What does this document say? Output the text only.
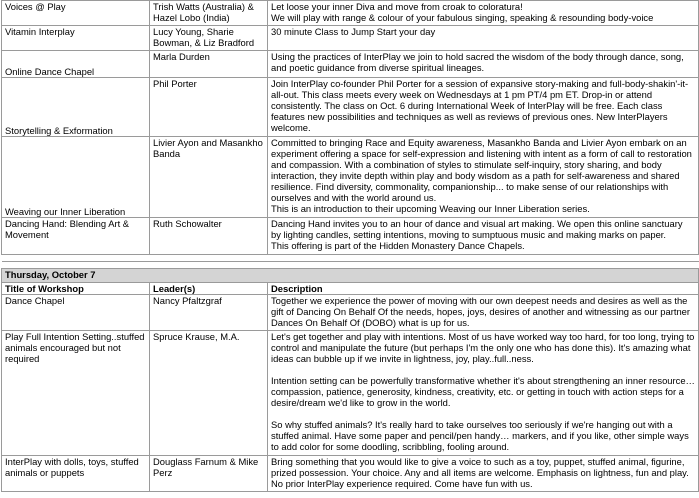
Voices @ Play	Trish Watts (Australia) & Hazel Lobo (India)	Let loose your inner Diva and move from croak to coloratura!
We will play with range & colour of your fabulous singing, speaking & resounding body-voice

Vitamin Interplay	Lucy Young, Sharie Bowman, & Liz Bradford	30 minute Class to Jump Start your day

Online Dance Chapel	Marla Durden	Using the practices of InterPlay we join to hold sacred the wisdom of the body through dance, song, and poetic guidance from diverse spiritual lineages.

Storytelling & Exformation	Phil Porter	Join InterPlay co-founder Phil Porter for a session of expansive story-making and full-body-shakin'-it-all-out. This class meets every week on Wednesdays at 1 pm PT/4 pm ET. Drop-in or attend consistently. The class on Oct. 6 during International Week of InterPlay will be free. Each class features new possibilities and techniques as well as reviews of previous ones. New InterPlayers welcome.

Weaving our Inner Liberation	Livier Ayon and Masankho Banda	Committed to bringing Race and Equity awareness, Masankho Banda and Livier Ayon embark on an experiment offering a space for self-expression and listening with intent as a form of call to restoration and compassion. With a combination of styles to stimulate self-inquiry, story sharing, and body interaction, they invite depth within play and body wisdom as a path for self-awareness and shared resilience. Find diversity, commonality, companionship... to make sense of our relationships with ourselves and with the world around us.
This is an introduction to their upcoming Weaving our Inner Liberation series.

Dancing Hand: Blending Art & Movement	Ruth Schowalter	Dancing Hand invites you to an hour of dance and visual art making. We open this online sanctuary by lighting candles, setting intentions, moving to sumptuous music and making marks on paper.
This offering is part of the Hidden Monastery Dance Chapels.

Thursday, October 7		
Title of Workshop	Leader(s)	Description
Dance Chapel	Nancy Pfaltzgraf	Together we experience the power of moving with our own deepest needs and desires as well as the gift of Dancing On Behalf Of the needs, hopes, joys, desires of another and witnessing as our partner Dances On Behalf Of (DOBO) what is up for us.
Play Full Intention Setting..stuffed animals encouraged but not required	Spruce Krause, M.A.	Let's get together and play with intentions. Most of us have worked way too hard, for too long, trying to control and manipulate the future (but perhaps I'm the only one who has done this). It's amazing what ideas can bubble up if we invite in lightness, joy, play..full..ness.
Intention setting can be powerfully transformative whether it's about strengthening an inner resource…compassion, patience, generosity, kindness, creativity, etc. or getting in touch with action steps for a desire/dream we'd like to grow in the world.
So why stuffed animals? It's really hard to take ourselves too seriously if we're hanging out with a stuffed animal. Have some paper and pencil/pen handy… markers, and if you like, other simple ways to add color for some doodling, scribbling, fooling around.

InterPlay with dolls, toys, stuffed animals or puppets	Douglass Farnum & Mike Perz	Bring something that you would like to give a voice to such as a toy, puppet, stuffed animal, figurine, prized possession. Your choice. Any and all items are welcome. Emphasis on lightness, fun and play. No prior InterPlay experience required. Come have fun with us.
